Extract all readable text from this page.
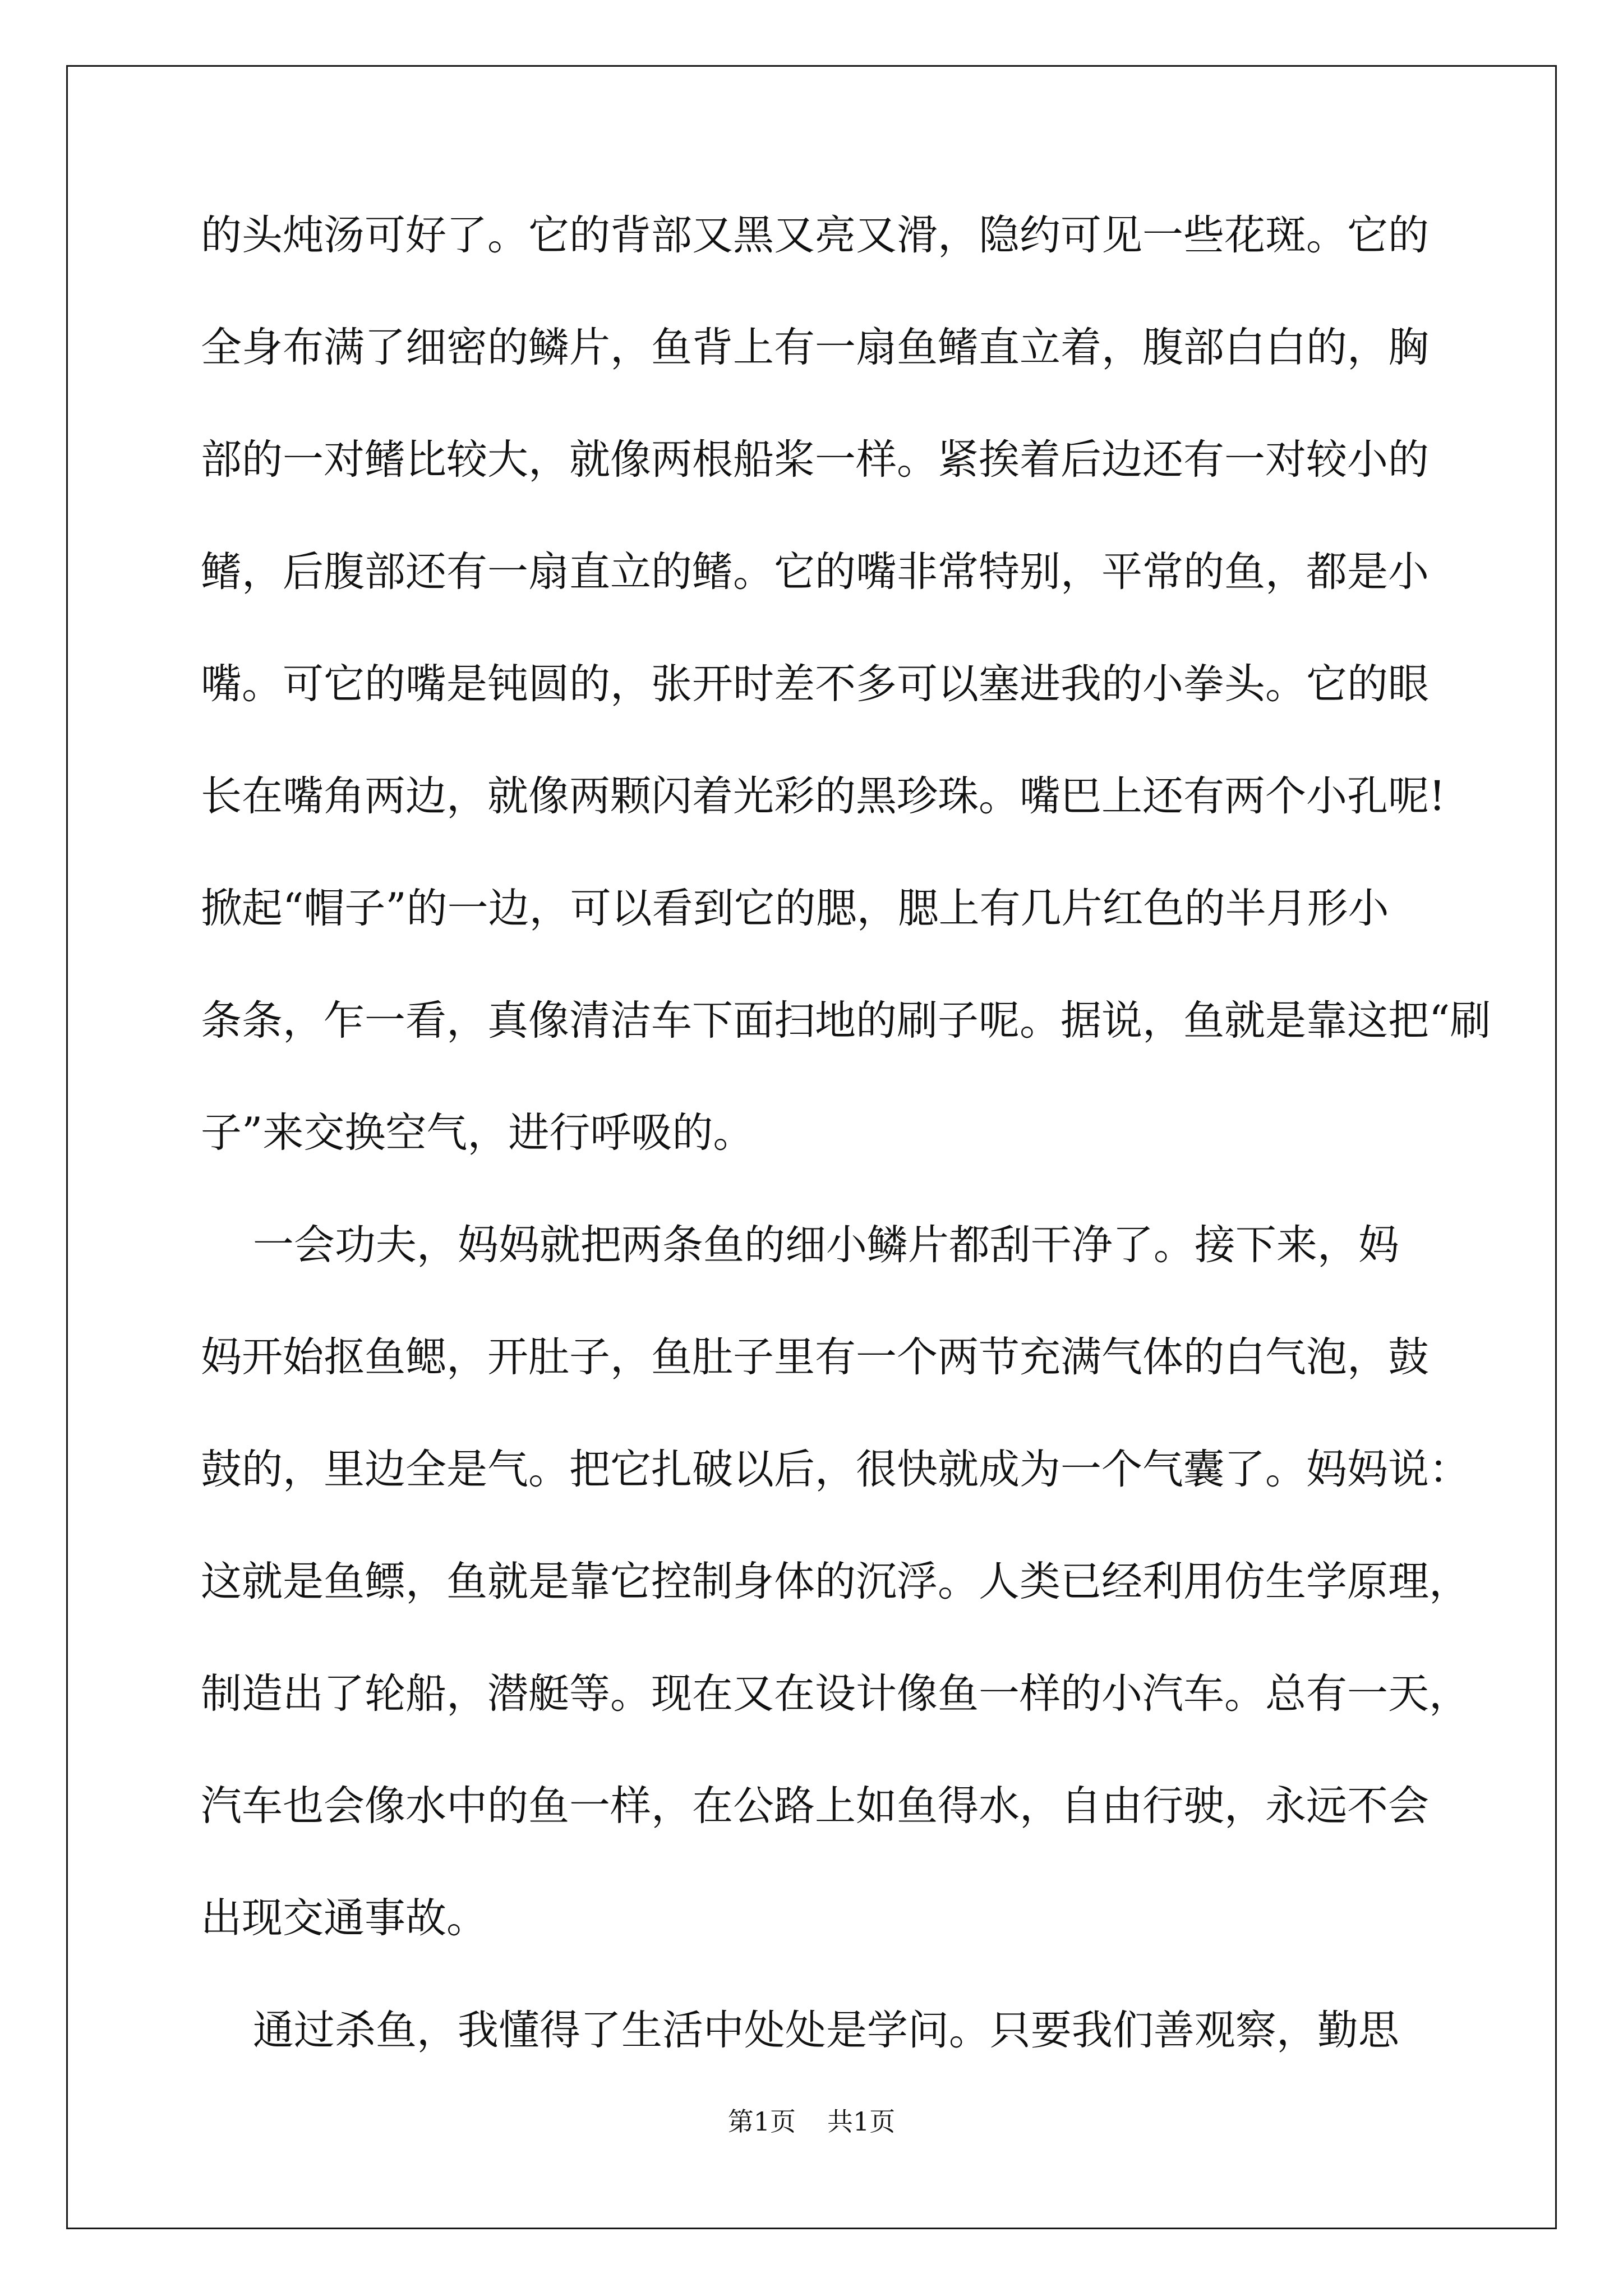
的头炖汤可好了。它的背部又黑又亮又滑，隐约可见一些花斑。它的
全身布满了细密的鳞片，鱼背上有一扇鱼鳍直立着，腹部白白的，胸
部的一对鳍比较大，就像两根船桨一样。紧挨着后边还有一对较小的
鳍，后腹部还有一扇直立的鳍。它的嘴非常特别，平常的鱼，都是小
嘴。可它的嘴是钝圆的，张开时差不多可以塞进我的小拳头。它的眼
长在嘴角两边，就像两颗闪着光彩的黑珍珠。嘴巴上还有两个小孔呢!
掀起“帽子”的一边，可以看到它的腮，腮上有几片红色的半月形小
条条，乍一看，真像清洁车下面扫地的刷子呢。据说，鱼就是靠这把“刷
子”来交换空气，进行呼吸的。
一会功夫，妈妈就把两条鱼的细小鳞片都刮干净了。接下来，妈
妈开始抠鱼鳃，开肚子，鱼肚子里有一个两节充满气体的白气泡，鼓
鼓的，里边全是气。把它扎破以后，很快就成为一个气囊了。妈妈说：
这就是鱼鳔，鱼就是靠它控制身体的沉浮。人类已经利用仿生学原理，
制造出了轮船，潜艇等。现在又在设计像鱼一样的小汽车。总有一天，
汽车也会像水中的鱼一样，在公路上如鱼得水，自由行驶，永远不会
出现交通事故。
通过杀鱼，我懂得了生活中处处是学问。只要我们善观察，勤思
第1页 共1页
